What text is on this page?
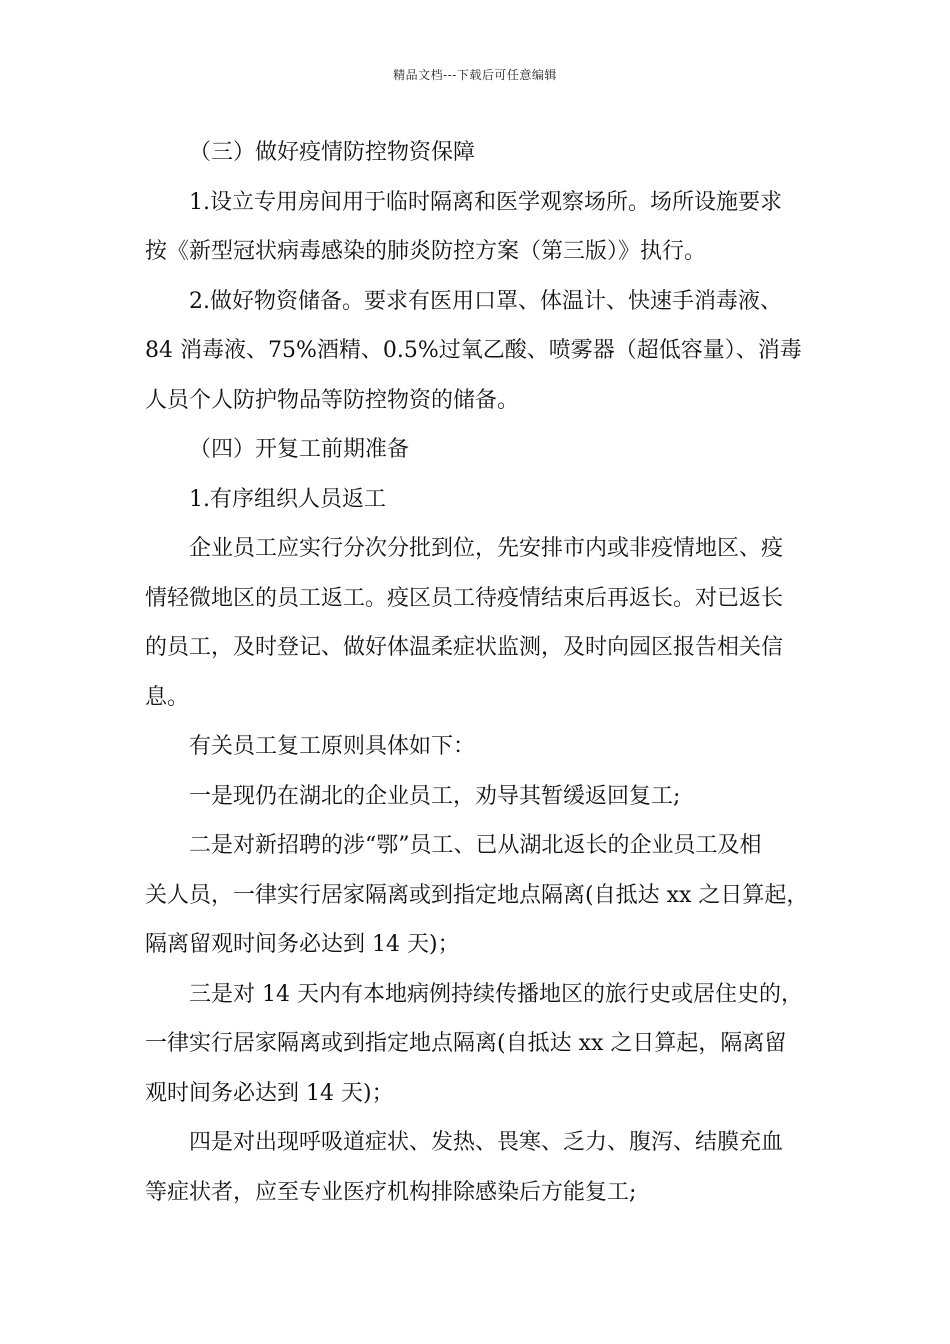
精品文档---下载后可任意编辑
（三）做好疫情防控物资保障
1.设立专用房间用于临时隔离和医学观察场所。场所设施要求
按《新型冠状病毒感染的肺炎防控方案（第三版）》执行。
2.做好物资储备。要求有医用口罩、体温计、快速手消毒液、
84 消毒液、75%酒精、0.5%过氧乙酸、喷雾器（超低容量）、消毒
人员个人防护物品等防控物资的储备。
（四）开复工前期准备
1.有序组织人员返工
企业员工应实行分次分批到位，先安排市内或非疫情地区、疫
情轻微地区的员工返工。疫区员工待疫情结束后再返长。对已返长
的员工，及时登记、做好体温柔症状监测，及时向园区报告相关信
息。
有关员工复工原则具体如下：
一是现仍在湖北的企业员工，劝导其暂缓返回复工;
二是对新招聘的涉“鄂”员工、已从湖北返长的企业员工及相
关人员，一律实行居家隔离或到指定地点隔离(自抵达 xx 之日算起，
隔离留观时间务必达到 14 天)；
三是对 14 天内有本地病例持续传播地区的旅行史或居住史的，
一律实行居家隔离或到指定地点隔离(自抵达 xx 之日算起，隔离留
观时间务必达到 14 天)；
四是对出现呼吸道症状、发热、畏寒、乏力、腹泻、结膜充血
等症状者，应至专业医疗机构排除感染后方能复工;
